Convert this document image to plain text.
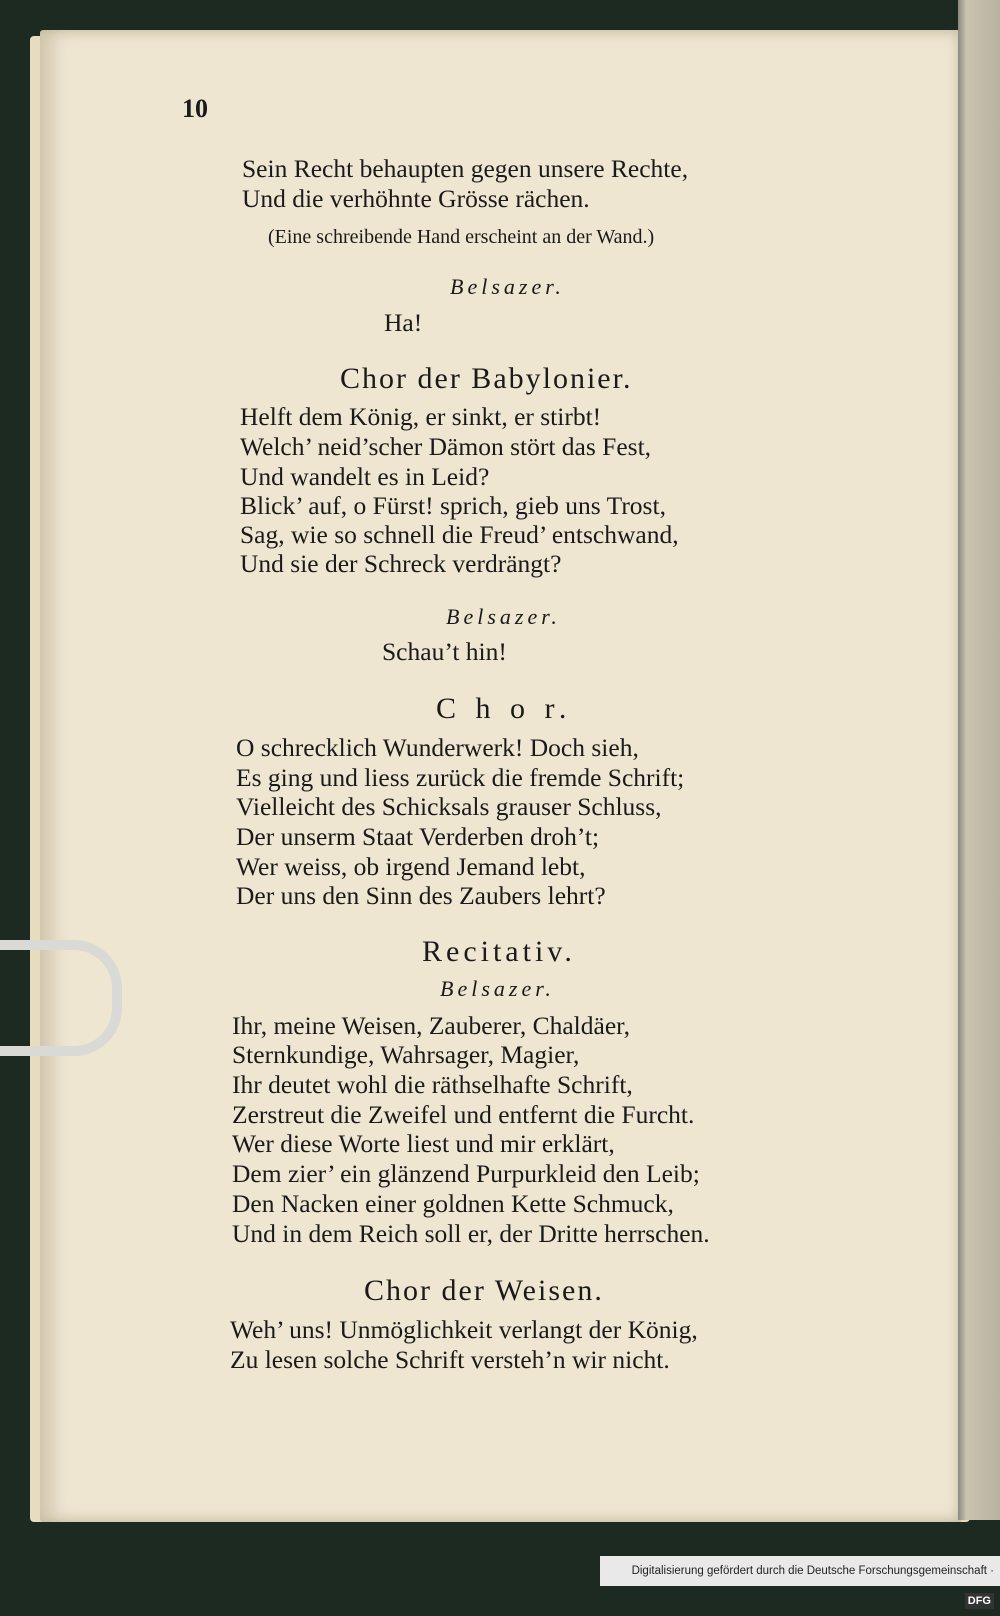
10
Sein Recht behaupten gegen unsere Rechte,
Und die verhöhnte Grösse rächen.
(Eine schreibende Hand erscheint an der Wand.)
Belsazer.
Ha!
Chor der Babylonier.
Helft dem König, er sinkt, er stirbt!
Welch’ neid’scher Dämon stört das Fest,
Und wandelt es in Leid?
Blick’ auf, o Fürst! sprich, gieb uns Trost,
Sag, wie so schnell die Freud’ entschwand,
Und sie der Schreck verdrängt?
Belsazer.
Schau’t hin!
C h o r.
O schrecklich Wunderwerk! Doch sieh,
Es ging und liess zurück die fremde Schrift;
Vielleicht des Schicksals grauser Schluss,
Der unserm Staat Verderben droh’t;
Wer weiss, ob irgend Jemand lebt,
Der uns den Sinn des Zaubers lehrt?
Recitativ.
Belsazer.
Ihr, meine Weisen, Zauberer, Chaldäer,
Sternkundige, Wahrsager, Magier,
Ihr deutet wohl die räthselhafte Schrift,
Zerstreut die Zweifel und entfernt die Furcht.
Wer diese Worte liest und mir erklärt,
Dem zier’ ein glänzend Purpurkleid den Leib;
Den Nacken einer goldnen Kette Schmuck,
Und in dem Reich soll er, der Dritte herrschen.
Chor der Weisen.
Weh’ uns! Unmöglichkeit verlangt der König,
Zu lesen solche Schrift versteh’n wir nicht.
Digitalisierung gefördert durch die Deutsche Forschungsgemeinschaft · DFG
